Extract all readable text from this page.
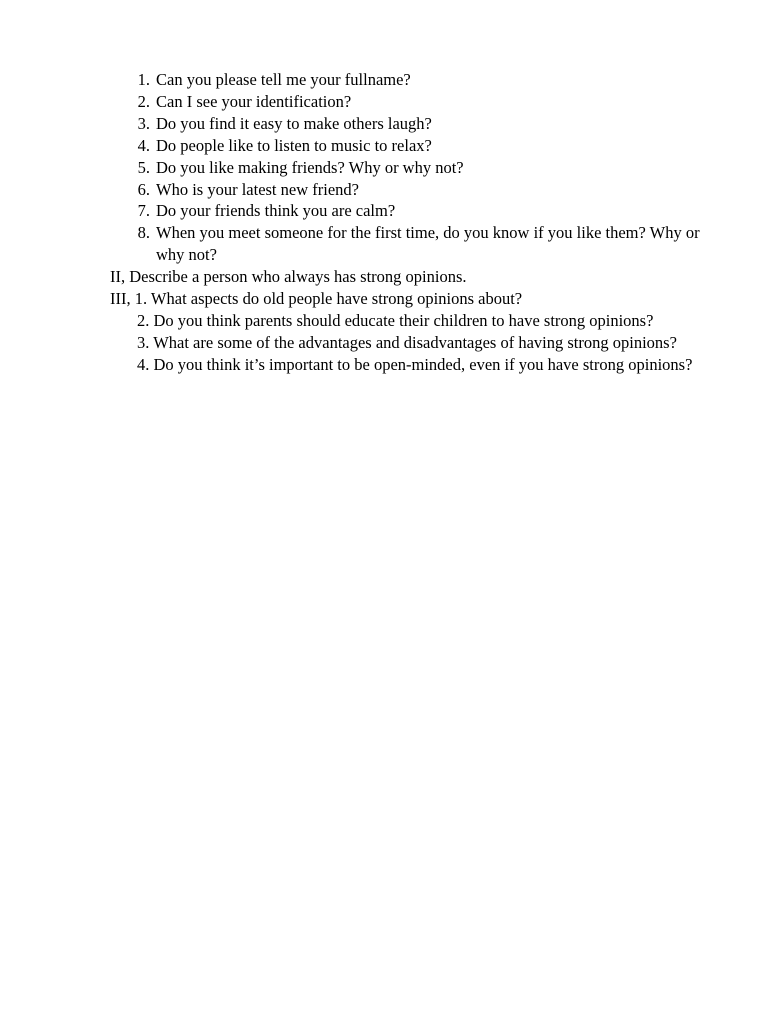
1. Can you please tell me your fullname?
2. Can I see your identification?
3. Do you find it easy to make others laugh?
4. Do people like to listen to music to relax?
5. Do you like making friends? Why or why not?
6. Who is your latest new friend?
7. Do your friends think you are calm?
8. When you meet someone for the first time, do you know if you like them? Why or why not?

II, Describe a person who always has strong opinions.

III, 1. What aspects do old people have strong opinions about?

2. Do you think parents should educate their children to have strong opinions?

3. What are some of the advantages and disadvantages of having strong opinions?

4. Do you think it’s important to be open-minded, even if you have strong opinions?
